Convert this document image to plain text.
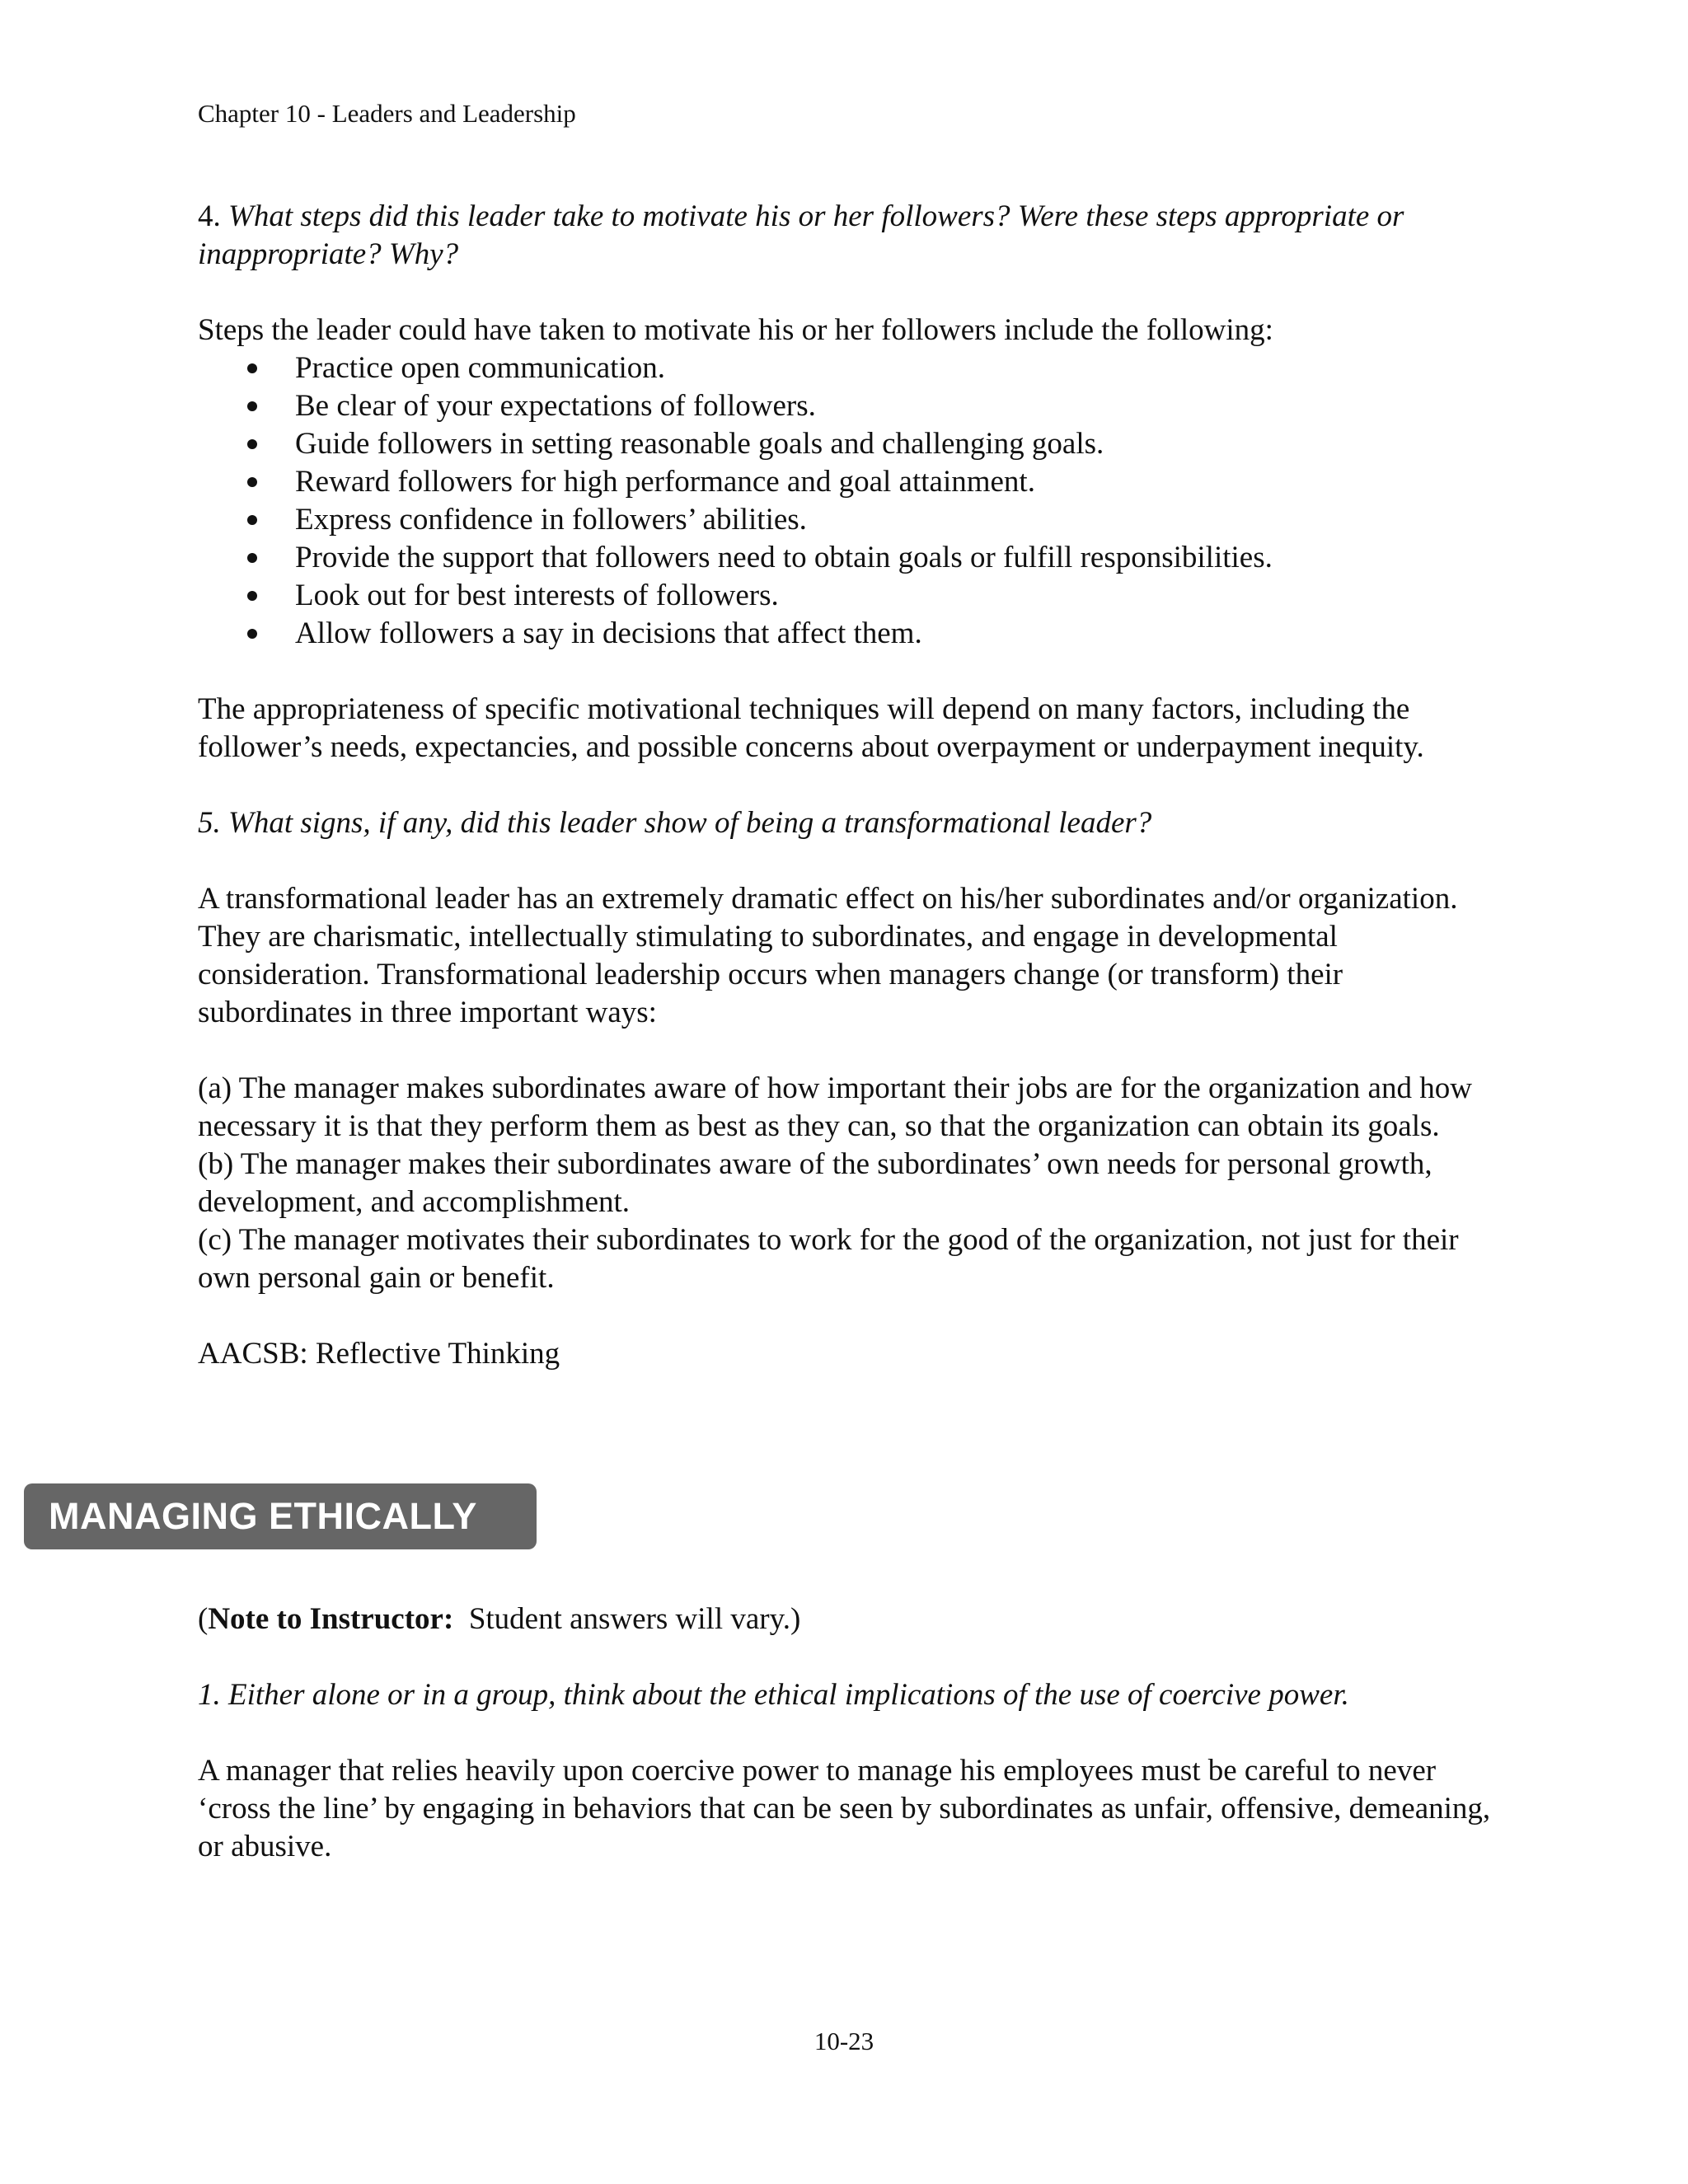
Chapter 10 - Leaders and Leadership

4. What steps did this leader take to motivate his or her followers? Were these steps appropriate or inappropriate? Why?

Steps the leader could have taken to motivate his or her followers include the following:

Practice open communication.
Be clear of your expectations of followers.
Guide followers in setting reasonable goals and challenging goals.
Reward followers for high performance and goal attainment.
Express confidence in followers’ abilities.
Provide the support that followers need to obtain goals or fulfill responsibilities.
Look out for best interests of followers.
Allow followers a say in decisions that affect them.

The appropriateness of specific motivational techniques will depend on many factors, including the follower’s needs, expectancies, and possible concerns about overpayment or underpayment inequity.

5. What signs, if any, did this leader show of being a transformational leader?

A transformational leader has an extremely dramatic effect on his/her subordinates and/or organization. They are charismatic, intellectually stimulating to subordinates, and engage in developmental consideration. Transformational leadership occurs when managers change (or transform) their subordinates in three important ways:

(a) The manager makes subordinates aware of how important their jobs are for the organization and how necessary it is that they perform them as best as they can, so that the organization can obtain its goals.

(b) The manager makes their subordinates aware of the subordinates’ own needs for personal growth, development, and accomplishment.

(c) The manager motivates their subordinates to work for the good of the organization, not just for their own personal gain or benefit.

AACSB: Reflective Thinking

MANAGING ETHICALLY

(Note to Instructor:  Student answers will vary.)

1. Either alone or in a group, think about the ethical implications of the use of coercive power.

A manager that relies heavily upon coercive power to manage his employees must be careful to never ‘cross the line’ by engaging in behaviors that can be seen by subordinates as unfair, offensive, demeaning, or abusive.

10-23
